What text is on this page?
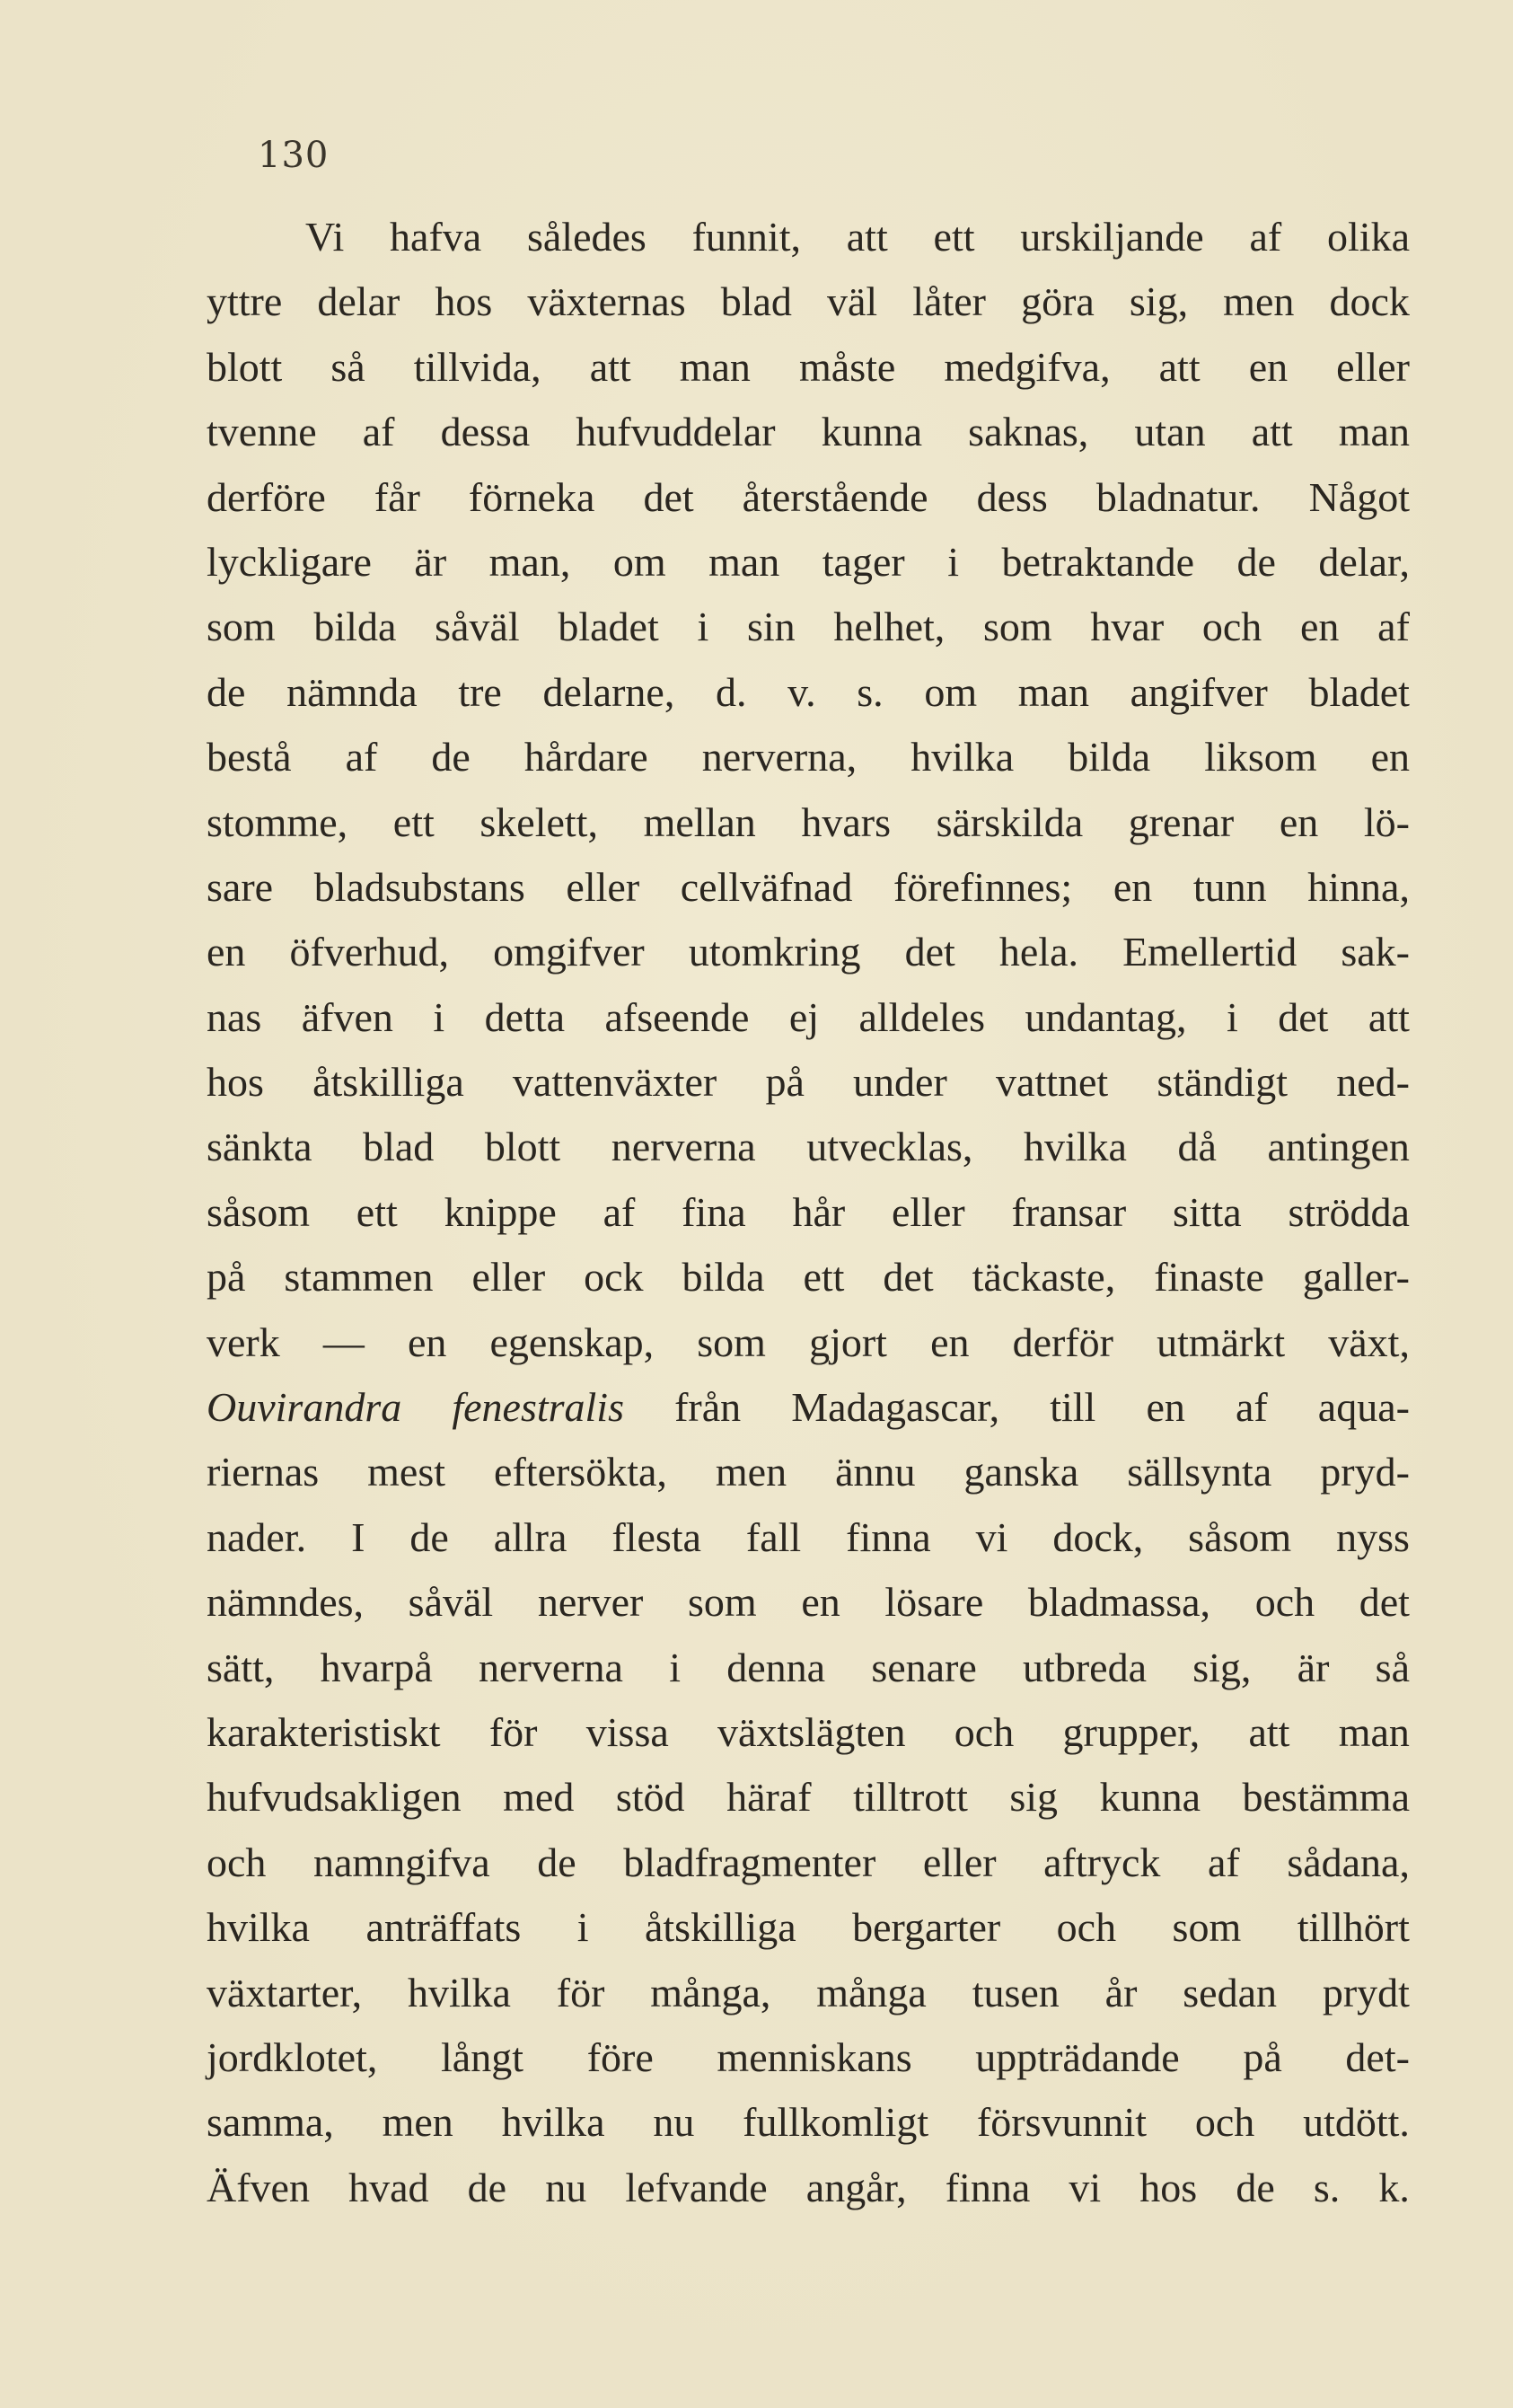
130
Vi hafva således funnit, att ett urskiljande af olika
yttre delar hos växternas blad väl låter göra sig, men dock
blott så tillvida, att man måste medgifva, att en eller
tvenne af dessa hufvuddelar kunna saknas, utan att man
derföre får förneka det återstående dess bladnatur. Något
lyckligare är man, om man tager i betraktande de delar,
som bilda såväl bladet i sin helhet, som hvar och en af
de nämnda tre delarne, d. v. s. om man angifver bladet
bestå af de hårdare nerverna, hvilka bilda liksom en
stomme, ett skelett, mellan hvars särskilda grenar en lö-
sare bladsubstans eller cellväfnad förefinnes; en tunn hinna,
en öfverhud, omgifver utomkring det hela. Emellertid sak-
nas äfven i detta afseende ej alldeles undantag, i det att
hos åtskilliga vattenväxter på under vattnet ständigt ned-
sänkta blad blott nerverna utvecklas, hvilka då antingen
såsom ett knippe af fina hår eller fransar sitta strödda
på stammen eller ock bilda ett det täckaste, finaste galler-
verk — en egenskap, som gjort en derför utmärkt växt,
Ouvirandra fenestralis från Madagascar, till en af aqua-
riernas mest eftersökta, men ännu ganska sällsynta pryd-
nader. I de allra flesta fall finna vi dock, såsom nyss
nämndes, såväl nerver som en lösare bladmassa, och det
sätt, hvarpå nerverna i denna senare utbreda sig, är så
karakteristiskt för vissa växtslägten och grupper, att man
hufvudsakligen med stöd häraf tilltrott sig kunna bestämma
och namngifva de bladfragmenter eller aftryck af sådana,
hvilka anträffats i åtskilliga bergarter och som tillhört
växtarter, hvilka för många, många tusen år sedan prydt
jordklotet, långt före menniskans uppträdande på det-
samma, men hvilka nu fullkomligt försvunnit och utdött.
Äfven hvad de nu lefvande angår, finna vi hos de s. k.
